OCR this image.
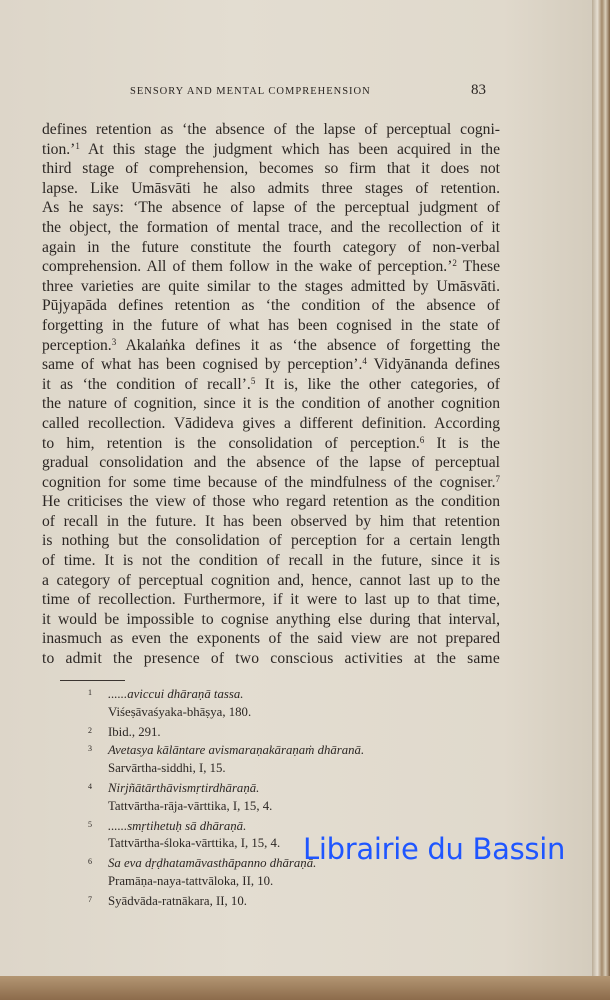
SENSORY AND MENTAL COMPREHENSION	83
defines retention as ‘the absence of the lapse of perceptual cogni-
tion.’$^1$ At this stage the judgment which has been acquired in the
third stage of comprehension, becomes so firm that it does not
lapse. Like Umāsvāti he also admits three stages of retention.
As he says: ‘The absence of lapse of the perceptual judgment of
the object, the formation of mental trace, and the recollection of it
again in the future constitute the fourth category of non-verbal
comprehension. All of them follow in the wake of perception.’$^2$ These
three varieties are quite similar to the stages admitted by Umāsvāti.
Pūjyapāda defines retention as ‘the condition of the absence of
forgetting in the future of what has been cognised in the state of
perception.$^3$ Akalaṅka defines it as ‘the absence of forgetting the
same of what has been cognised by perception’.$^4$ Vidyānanda defines
it as ‘the condition of recall’.$^5$ It is, like the other categories, of
the nature of cognition, since it is the condition of another cognition
called recollection. Vādideva gives a different definition. According
to him, retention is the consolidation of perception.$^6$ It is the
gradual consolidation and the absence of the lapse of perceptual
cognition for some time because of the mindfulness of the cogniser.$^7$
He criticises the view of those who regard retention as the condition
of recall in the future. It has been observed by him that retention
is nothing but the consolidation of perception for a certain length
of time. It is not the condition of recall in the future, since it is
a category of perceptual cognition and, hence, cannot last up to the
time of recollection. Furthermore, if it were to last up to that time,
it would be impossible to cognise anything else during that interval,
inasmuch as even the exponents of the said view are not prepared
to admit the presence of two conscious activities at the same
1 ......aviccui dhāraṇā tassa.
Viśeṣāvaśyaka-bhāṣya, 180.
2 Ibid., 291.
3 Avetasya kālāntare avismaraṇakāraṇaṁ dhāranā.
Sarvārtha-siddhi, I, 15.
4 Nirjñātārthāvismṛtirdhāraṇā.
Tattvārtha-rāja-vārttika, I, 15, 4.
5 ......smṛtihetuḥ sā dhāraṇā.
Tattvārtha-śloka-vārttika, I, 15, 4.
6 Sa eva dṛḍhatamāvasthāpanno dhāraṇā.
Pramāṇa-naya-tattvāloka, II, 10.
7 Syādvāda-ratnākara, II, 10.
Librairie du Bassin
